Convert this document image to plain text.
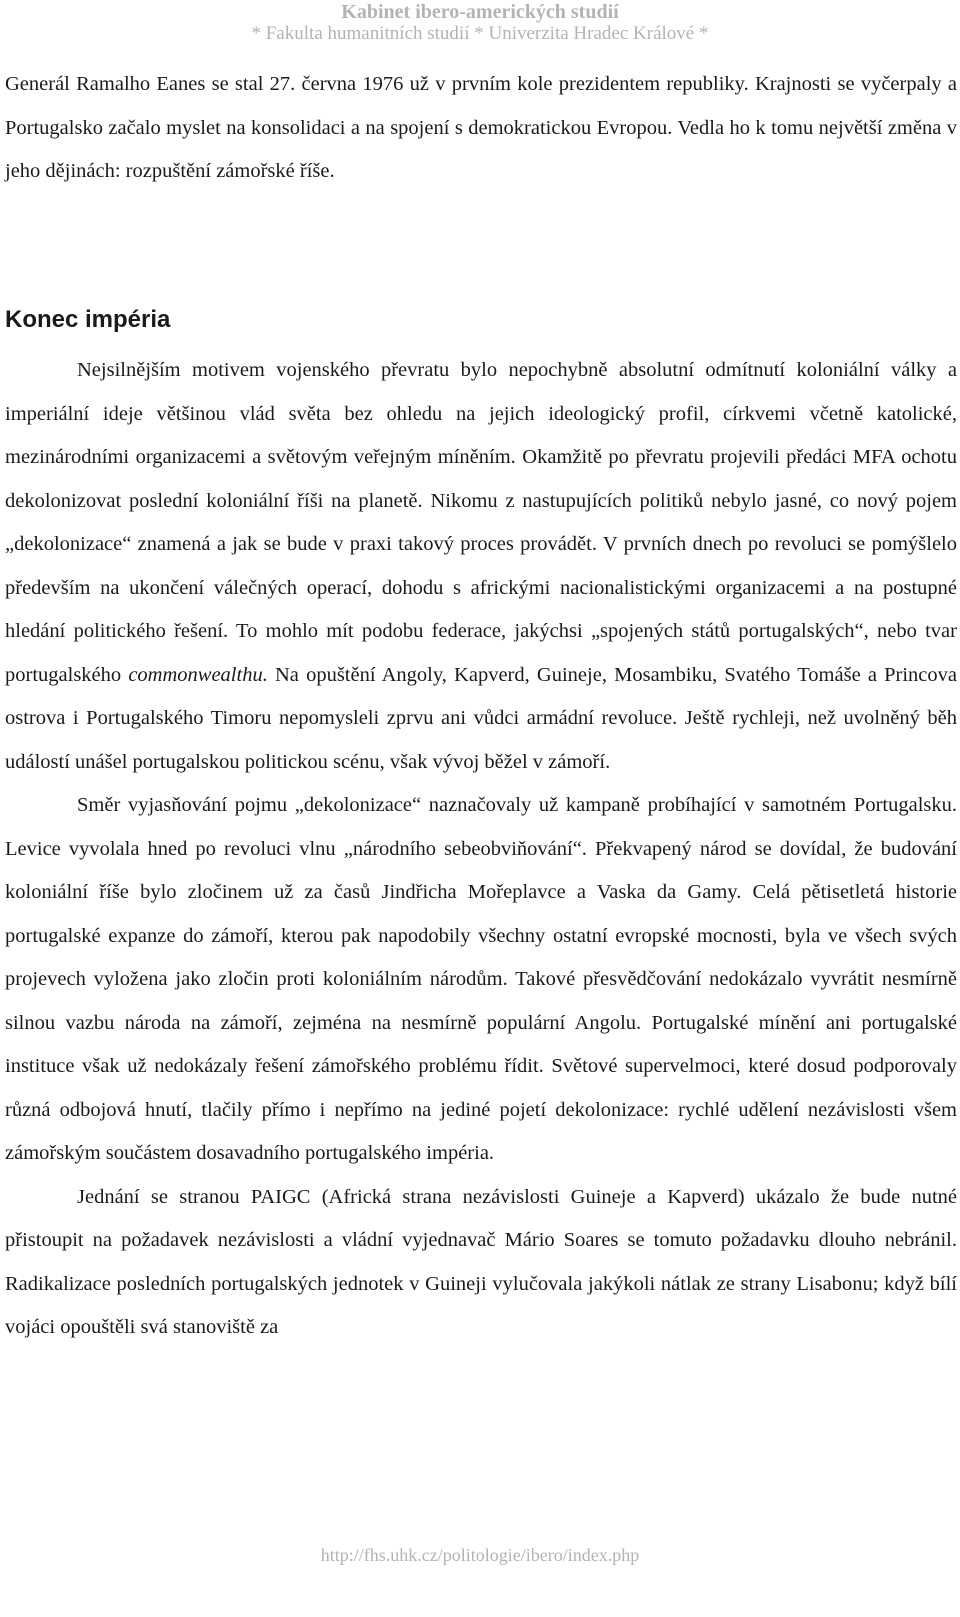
Kabinet ibero-amerických studií
* Fakulta humanitních studií * Univerzita Hradec Králové *

Generál Ramalho Eanes se stal 27. června 1976 už v prvním kole prezidentem republiky. Krajnosti se vyčerpaly a Portugalsko začalo myslet na konsolidaci a na spojení s demokratickou Evropou. Vedla ho k tomu největší změna v jeho dějinách: rozpuštění zámořské říše.

Konec impéria

Nejsilnějším motivem vojenského převratu bylo nepochybně absolutní odmítnutí koloniální války a imperiální ideje většinou vlád světa bez ohledu na jejich ideologický profil, církvemi včetně katolické, mezinárodními organizacemi a světovým veřejným míněním. Okamžitě po převratu projevili předáci MFA ochotu dekolonizovat poslední koloniální říši na planetě. Nikomu z nastupujících politiků nebylo jasné, co nový pojem „dekolonizace“ znamená a jak se bude v praxi takový proces provádět. V prvních dnech po revoluci se pomýšlelo především na ukončení válečných operací, dohodu s africkými nacionalistickými organizacemi a na postupné hledání politického řešení. To mohlo mít podobu federace, jakýchsi „spojených států portugalských“, nebo tvar portugalského commonwealthu. Na opuštění Angoly, Kapverd, Guineje, Mosambiku, Svatého Tomáše a Princova ostrova i Portugalského Timoru nepomysleli zprvu ani vůdci armádní revoluce. Ještě rychleji, než uvolněný běh událostí unášel portugalskou politickou scénu, však vývoj běžel v zámoří.

Směr vyjasňování pojmu „dekolonizace“ naznačovaly už kampaně probíhající v samotném Portugalsku. Levice vyvolala hned po revoluci vlnu „národního sebeobviňování“. Překvapený národ se dovídal, že budování koloniální říše bylo zločinem už za časů Jindřicha Mořeplavce a Vaska da Gamy. Celá pětisetletá historie portugalské expanze do zámoří, kterou pak napodobily všechny ostatní evropské mocnosti, byla ve všech svých projevech vyložena jako zločin proti koloniálním národům. Takové přesvědčování nedokázalo vyvrátit nesmírně silnou vazbu národa na zámoří, zejména na nesmírně populární Angolu. Portugalské mínění ani portugalské instituce však už nedokázaly řešení zámořského problému řídit. Světové supervelmoci, které dosud podporovaly různá odbojová hnutí, tlačily přímo i nepřímo na jediné pojetí dekolonizace: rychlé udělení nezávislosti všem zámořským součástem dosavadního portugalského impéria.

Jednání se stranou PAIGC (Africká strana nezávislosti Guineje a Kapverd) ukázalo že bude nutné přistoupit na požadavek nezávislosti a vládní vyjednavač Mário Soares se tomuto požadavku dlouho nebránil. Radikalizace posledních portugalských jednotek v Guineji vylučovala jakýkoli nátlak ze strany Lisabonu; když bílí vojáci opouštěli svá stanoviště za

http://fhs.uhk.cz/politologie/ibero/index.php
